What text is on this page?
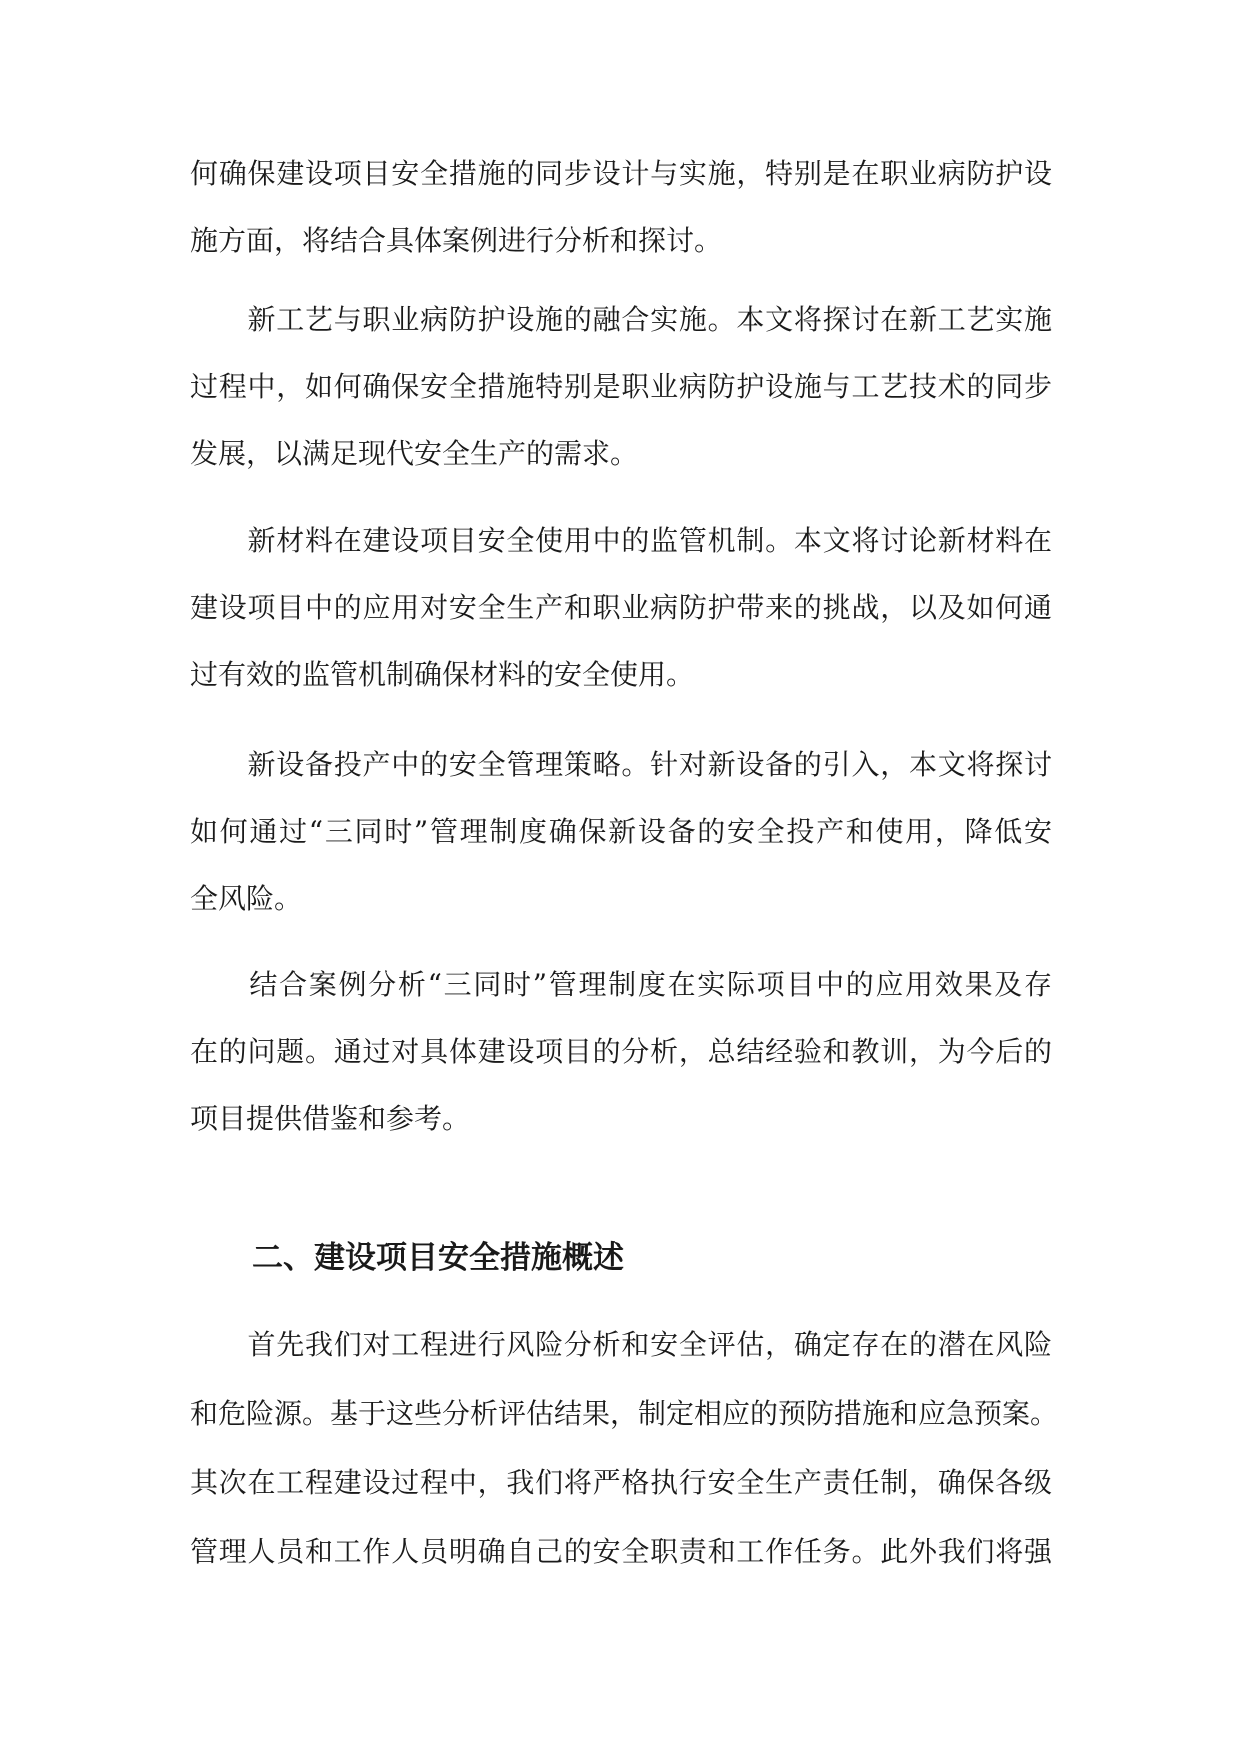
何确保建设项目安全措施的同步设计与实施，特别是在职业病防护设
施方面，将结合具体案例进行分析和探讨。
　　新工艺与职业病防护设施的融合实施。本文将探讨在新工艺实施
过程中，如何确保安全措施特别是职业病防护设施与工艺技术的同步
发展，以满足现代安全生产的需求。
　　新材料在建设项目安全使用中的监管机制。本文将讨论新材料在
建设项目中的应用对安全生产和职业病防护带来的挑战，以及如何通
过有效的监管机制确保材料的安全使用。
　　新设备投产中的安全管理策略。针对新设备的引入，本文将探讨
如何通过“三同时”管理制度确保新设备的安全投产和使用，降低安
全风险。
　　结合案例分析“三同时”管理制度在实际项目中的应用效果及存
在的问题。通过对具体建设项目的分析，总结经验和教训，为今后的
项目提供借鉴和参考。
二、建设项目安全措施概述
　　首先我们对工程进行风险分析和安全评估，确定存在的潜在风险
和危险源。基于这些分析评估结果，制定相应的预防措施和应急预案。
其次在工程建设过程中，我们将严格执行安全生产责任制，确保各级
管理人员和工作人员明确自己的安全职责和工作任务。此外我们将强
